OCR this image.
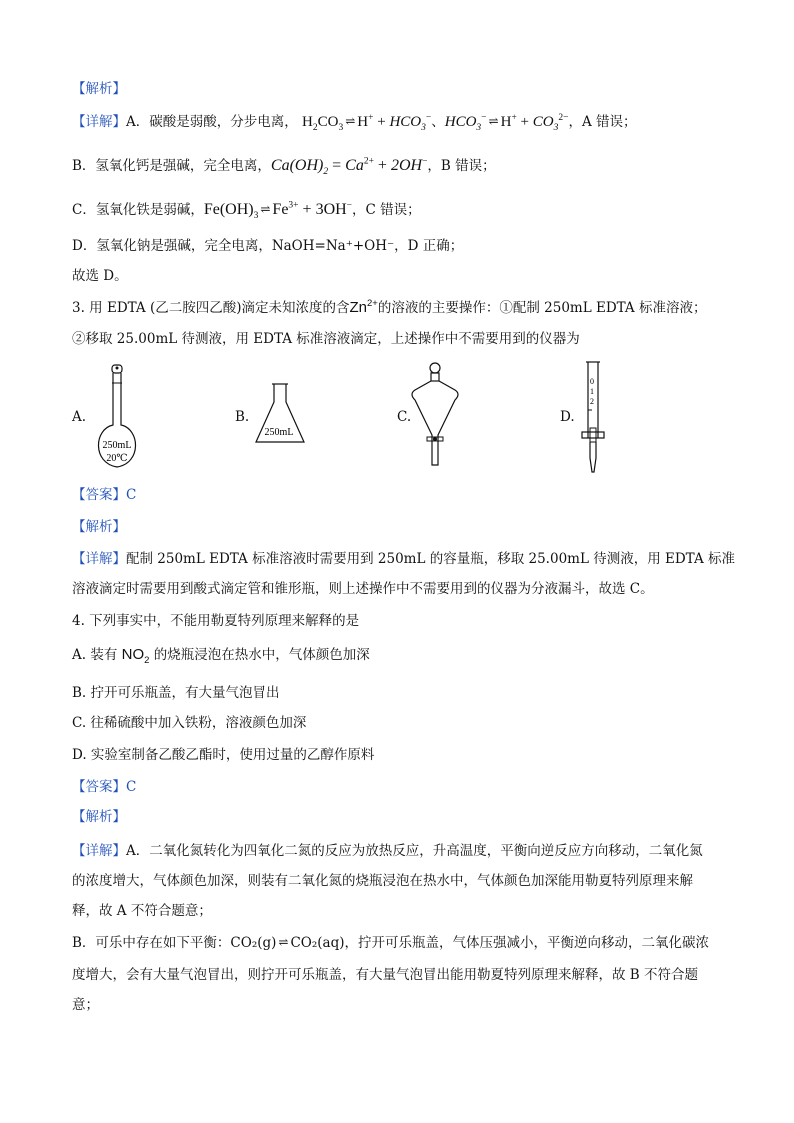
【解析】
【详解】A．碳酸是弱酸，分步电离， $H_2CO_3$ ⇌ $H^+ + HCO_3^-$、$HCO_3^-$ ⇌ $H^+ + CO_3^{2-}$，A 错误；
B．氢氧化钙是强碱，完全电离，$Ca(OH)_2 = Ca^{2+} + 2OH^-$，B 错误；
C．氢氧化铁是弱碱，$Fe(OH)_3\rightleftharpoons$ $Fe^{3+} + 3OH^-$，C 错误；
D．氢氧化钠是强碱，完全电离，NaOH=Na⁺+OH⁻，D 正确；
故选 D。
3. 用 EDTA (乙二胺四乙酸)滴定未知浓度的含$Zn^{2+}$的溶液的主要操作：①配制 250mL EDTA 标准溶液；
②移取 25.00mL 待测液，用 EDTA 标准溶液滴定，上述操作中不需要用到的仪器为
A.
250mL
20℃
B.
250mL
C.	D.
0
1
2
【答案】C
【解析】
【详解】配制 250mL EDTA 标准溶液时需要用到 250mL 的容量瓶，移取 25.00mL 待测液，用 EDTA 标准
溶液滴定时需要用到酸式滴定管和锥形瓶，则上述操作中不需要用到的仪器为分液漏斗，故选 C。
4. 下列事实中，不能用勒夏特列原理来解释的是
A. 装有 $NO_2$ 的烧瓶浸泡在热水中，气体颜色加深
B. 拧开可乐瓶盖，有大量气泡冒出
C. 往稀硫酸中加入铁粉，溶液颜色加深
D. 实验室制备乙酸乙酯时，使用过量的乙醇作原料
【答案】C
【解析】
【详解】A．二氧化氮转化为四氧化二氮的反应为放热反应，升高温度，平衡向逆反应方向移动，二氧化氮
的浓度增大，气体颜色加深，则装有二氧化氮的烧瓶浸泡在热水中，气体颜色加深能用勒夏特列原理来解
释，故 A 不符合题意；
B．可乐中存在如下平衡：CO₂(g) ⇌ CO₂(aq)，拧开可乐瓶盖，气体压强减小，平衡逆向移动，二氧化碳浓
度增大，会有大量气泡冒出，则拧开可乐瓶盖，有大量气泡冒出能用勒夏特列原理来解释，故 B 不符合题
意；
